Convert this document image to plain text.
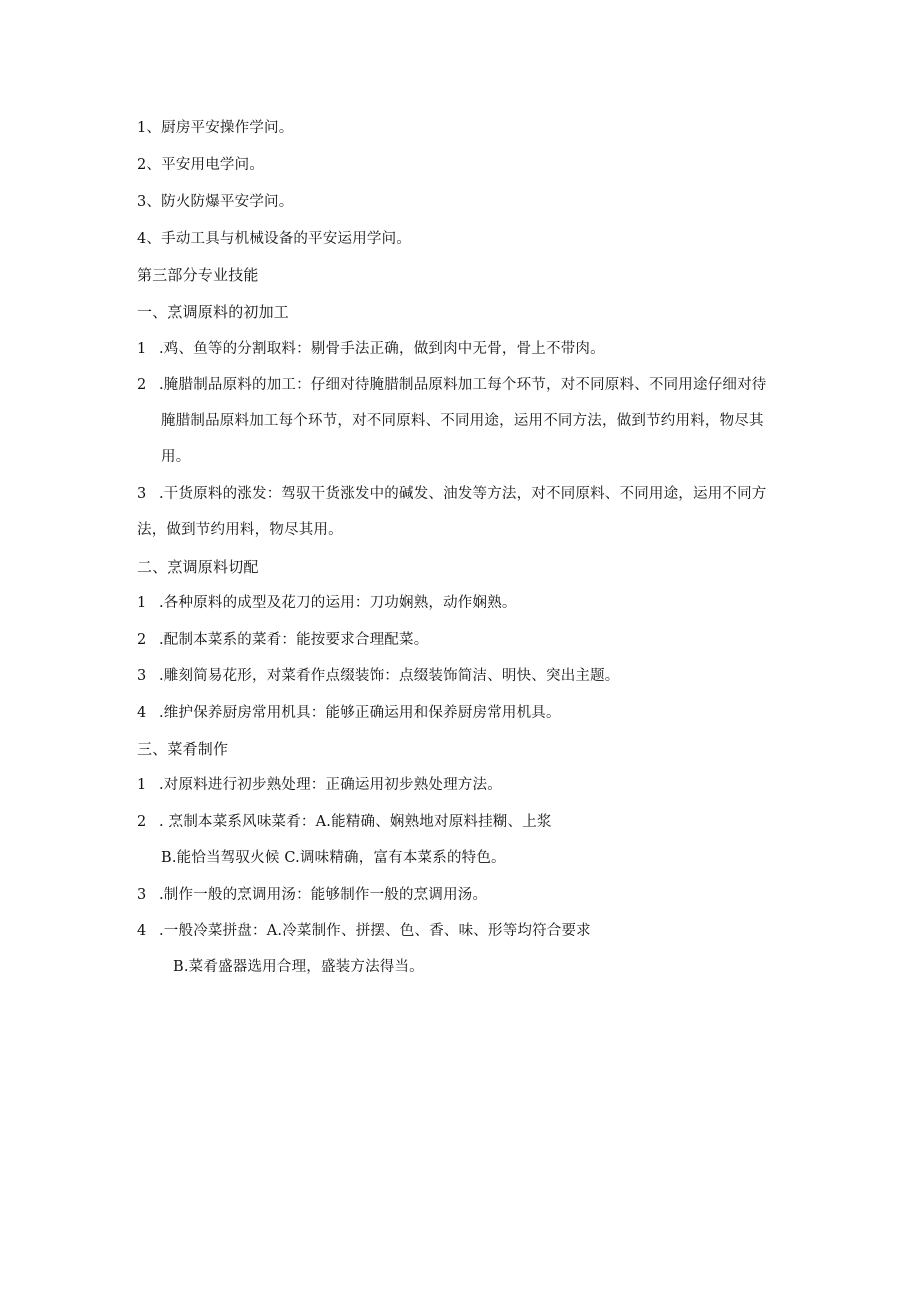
1、厨房平安操作学问。
2、平安用电学问。
3、防火防爆平安学问。
4、手动工具与机械设备的平安运用学问。
第三部分专业技能
一、烹调原料的初加工
1 .鸡、鱼等的分割取料：剔骨手法正确，做到肉中无骨，骨上不带肉。
2 .腌腊制品原料的加工：仔细对待腌腊制品原料加工每个环节，对不同原料、不同用途仔细对待
腌腊制品原料加工每个环节，对不同原料、不同用途，运用不同方法，做到节约用料，物尽其
用。
3 .干货原料的涨发：驾驭干货涨发中的碱发、油发等方法，对不同原料、不同用途，运用不同方
法，做到节约用料，物尽其用。
二、烹调原料切配
1 .各种原料的成型及花刀的运用：刀功娴熟，动作娴熟。
2 .配制本菜系的菜肴：能按要求合理配菜。
3 .雕刻简易花形，对菜肴作点缀装饰：点缀装饰简洁、明快、突出主题。
4 .维护保养厨房常用机具：能够正确运用和保养厨房常用机具。
三、菜肴制作
1 .对原料进行初步熟处理：正确运用初步熟处理方法。
2 . 烹制本菜系风味菜肴：A.能精确、娴熟地对原料挂糊、上浆
B.能恰当驾驭火候 C.调味精确，富有本菜系的特色。
3 .制作一般的烹调用汤：能够制作一般的烹调用汤。
4 .一般冷菜拼盘：A.冷菜制作、拼摆、色、香、味、形等均符合要求
B.菜肴盛器选用合理，盛装方法得当。
